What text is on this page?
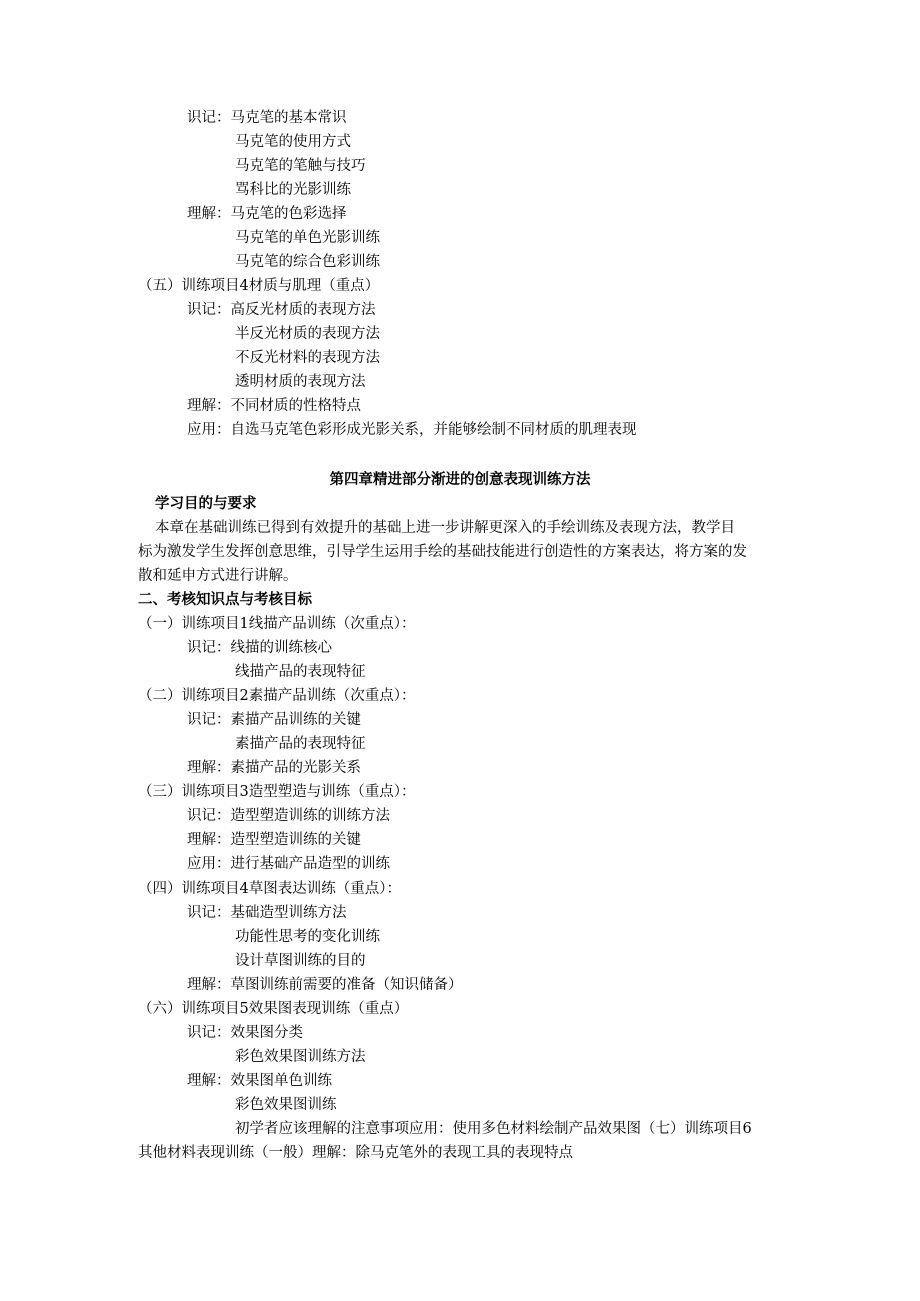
识记：马克笔的基本常识
马克笔的使用方式
马克笔的笔触与技巧
骂科比的光影训练
理解：马克笔的色彩选择
马克笔的单色光影训练
马克笔的综合色彩训练
（五）训练项目4材质与肌理（重点）
识记：高反光材质的表现方法
半反光材质的表现方法
不反光材料的表现方法
透明材质的表现方法
理解：不同材质的性格特点
应用：自选马克笔色彩形成光影关系，并能够绘制不同材质的肌理表现
第四章精进部分渐进的创意表现训练方法
学习目的与要求
本章在基础训练已得到有效提升的基础上进一步讲解更深入的手绘训练及表现方法，教学目
标为激发学生发挥创意思维，引导学生运用手绘的基础技能进行创造性的方案表达，将方案的发
散和延申方式进行讲解。
二、考核知识点与考核目标
（一）训练项目1线描产品训练（次重点）：
识记：线描的训练核心
线描产品的表现特征
（二）训练项目2素描产品训练（次重点）：
识记：素描产品训练的关键
素描产品的表现特征
理解：素描产品的光影关系
（三）训练项目3造型塑造与训练（重点）：
识记：造型塑造训练的训练方法
理解：造型塑造训练的关键
应用：进行基础产品造型的训练
（四）训练项目4草图表达训练（重点）：
识记：基础造型训练方法
功能性思考的变化训练
设计草图训练的目的
理解：草图训练前需要的准备（知识储备）
（六）训练项目5效果图表现训练（重点）
识记：效果图分类
彩色效果图训练方法
理解：效果图单色训练
彩色效果图训练
初学者应该理解的注意事项应用：使用多色材料绘制产品效果图（七）训练项目6
其他材料表现训练（一般）理解：除马克笔外的表现工具的表现特点
